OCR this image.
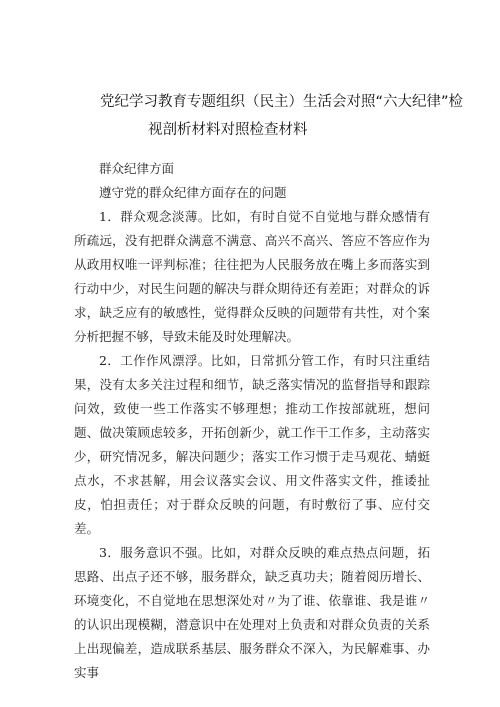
党纪学习教育专题组织（民主）生活会对照“六大纪律”检
视剖析材料对照检查材料

群众纪律方面

遵守党的群众纪律方面存在的问题

1．群众观念淡薄。比如，有时自觉不自觉地与群众感情有所疏远，没有把群众满意不满意、高兴不高兴、答应不答应作为从政用权唯一评判标准；往往把为人民服务放在嘴上多而落实到行动中少，对民生问题的解决与群众期待还有差距；对群众的诉求，缺乏应有的敏感性，觉得群众反映的问题带有共性，对个案分析把握不够，导致未能及时处理解决。

2．工作作风漂浮。比如，日常抓分管工作，有时只注重结果，没有太多关注过程和细节，缺乏落实情况的监督指导和跟踪问效，致使一些工作落实不够理想；推动工作按部就班，想问题、做决策顾虑较多，开拓创新少，就工作干工作多，主动落实少，研究情况多，解决问题少；落实工作习惯于走马观花、蜻蜓点水，不求甚解，用会议落实会议、用文件落实文件，推诿扯皮，怕担责任；对于群众反映的问题，有时敷衍了事、应付交差。

3．服务意识不强。比如，对群众反映的难点热点问题，拓思路、出点子还不够，服务群众，缺乏真功夫；随着阅历增长、环境变化，不自觉地在思想深处对〃为了谁、依靠谁、我是谁〃的认识出现模糊，潜意识中在处理对上负责和对群众负责的关系上出现偏差，造成联系基层、服务群众不深入，为民解难事、办实事
